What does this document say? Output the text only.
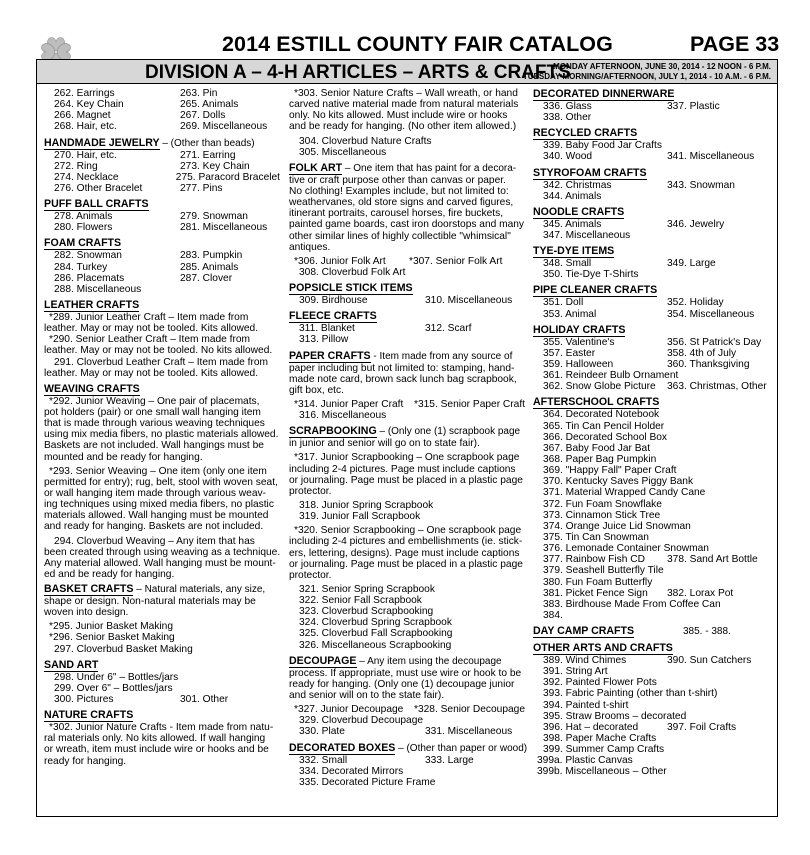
2014 ESTILL COUNTY FAIR CATALOG	PAGE 33
DIVISION A – 4-H ARTICLES – ARTS & CRAFTS
MONDAY AFTERNOON, JUNE 30, 2014 - 12 NOON - 6 P.M.
TUESDAY MORNING/AFTERNOON, JULY 1, 2014 - 10 A.M. - 6 P.M.
262. Earrings	263. Pin
264. Key Chain	265. Animals
266. Magnet	267. Dolls
268. Hair, etc.	269. Miscellaneous
HANDMADE JEWELRY – (Other than beads)
270. Hair, etc.	271. Earring
272. Ring	273. Key Chain
274. Necklace	275. Paracord Bracelet
276. Other Bracelet	277. Pins
PUFF BALL CRAFTS
278. Animals	279. Snowman
280. Flowers	281. Miscellaneous
FOAM CRAFTS
282. Snowman	283. Pumpkin
284. Turkey	285. Animals
286. Placemats	287. Clover
288. Miscellaneous
LEATHER CRAFTS
*289. Junior Leather Craft – Item made from
leather. May or may not be tooled. Kits allowed.
*290. Senior Leather Craft – Item made from
leather. May or may not be tooled. No kits allowed.
291. Cloverbud Leather Craft – Item made from
leather. May or may not be tooled. Kits allowed.
WEAVING CRAFTS
*292. Junior Weaving – One pair of placemats,
pot holders (pair) or one small wall hanging item
that is made through various weaving techniques
using mix media fibers, no plastic materials allowed.
Baskets are not included. Wall hangings must be
mounted and be ready for hanging.
*293. Senior Weaving – One item (only one item
permitted for entry); rug, belt, stool with woven seat,
or wall hanging item made through various weav-
ing techniques using mixed media fibers, no plastic
materials allowed. Wall hanging must be mounted
and ready for hanging. Baskets are not included.
294. Cloverbud Weaving – Any item that has
been created through using weaving as a technique.
Any material allowed. Wall hanging must be mount-
ed and be ready for hanging.
BASKET CRAFTS – Natural materials, any size,
shape or design. Non-natural materials may be
woven into design.
*295. Junior Basket Making
*296. Senior Basket Making
297. Cloverbud Basket Making
SAND ART
298. Under 6" – Bottles/jars
299. Over 6" – Bottles/jars
300. Pictures	301. Other
NATURE CRAFTS
*302. Junior Nature Crafts - Item made from natu-
ral materials only. No kits allowed. If wall hanging
or wreath, item must include wire or hooks and be
ready for hanging.
*303. Senior Nature Crafts – Wall wreath, or hand
carved native material made from natural materials
only. No kits allowed. Must include wire or hooks
and be ready for hanging. (No other item allowed.)
304. Cloverbud Nature Crafts
305. Miscellaneous
FOLK ART – One item that has paint for a decora-
tive or craft purpose other than canvas or paper.
No clothing! Examples include, but not limited to:
weathervanes, old store signs and carved figures,
itinerant portraits, carousel horses, fire buckets,
painted game boards, cast iron doorstops and many
other similar lines of highly collectible "whimsical"
antiques.
*306. Junior Folk Art	*307. Senior Folk Art
308. Cloverbud Folk Art
POPSICLE STICK ITEMS
309. Birdhouse	310. Miscellaneous
FLEECE CRAFTS
311. Blanket	312. Scarf
313. Pillow
PAPER CRAFTS - Item made from any source of
paper including but not limited to: stamping, hand-
made note card, brown sack lunch bag scrapbook,
gift box, etc.
*314. Junior Paper Craft	*315. Senior Paper Craft
316. Miscellaneous
SCRAPBOOKING – (Only one (1) scrapbook page
in junior and senior will go on to state fair).
*317. Junior Scrapbooking – One scrapbook page
including 2-4 pictures. Page must include captions
or journaling. Page must be placed in a plastic page
protector.
318. Junior Spring Scrapbook
319. Junior Fall Scrapbook
*320. Senior Scrapbooking – One scrapbook page
including 2-4 pictures and embellishments (ie. stick-
ers, lettering, designs). Page must include captions
or journaling. Page must be placed in a plastic page
protector.
321. Senior Spring Scrapbook
322. Senior Fall Scrapbook
323. Cloverbud Scrapbooking
324. Cloverbud Spring Scrapbook
325. Cloverbud Fall Scrapbooking
326. Miscellaneous Scrapbooking
DECOUPAGE – Any item using the decoupage
process. If appropriate, must use wire or hook to be
ready for hanging. (Only one (1) decoupage junior
and senior will on to the state fair).
*327. Junior Decoupage	*328. Senior Decoupage
329. Cloverbud Decoupage
330. Plate	331. Miscellaneous
DECORATED BOXES – (Other than paper or wood)
332. Small	333. Large
334. Decorated Mirrors
335. Decorated Picture Frame
DECORATED DINNERWARE
336. Glass	337. Plastic
338. Other
RECYCLED CRAFTS
339. Baby Food Jar Crafts
340. Wood	341. Miscellaneous
STYROFOAM CRAFTS
342. Christmas	343. Snowman
344. Animals
NOODLE CRAFTS
345. Animals	346. Jewelry
347. Miscellaneous
TYE-DYE ITEMS
348. Small	349. Large
350. Tie-Dye T-Shirts
PIPE CLEANER CRAFTS
351. Doll	352. Holiday
353. Animal	354. Miscellaneous
HOLIDAY CRAFTS
355. Valentine's	356. St Patrick's Day
357. Easter	358. 4th of July
359. Halloween	360. Thanksgiving
361. Reindeer Bulb Ornament
362. Snow Globe Picture	363. Christmas, Other
AFTERSCHOOL CRAFTS
364. Decorated Notebook
365. Tin Can Pencil Holder
366. Decorated School Box
367. Baby Food Jar Bat
368. Paper Bag Pumpkin
369. "Happy Fall" Paper Craft
370. Kentucky Saves Piggy Bank
371. Material Wrapped Candy Cane
372. Fun Foam Snowflake
373. Cinnamon Stick Tree
374. Orange Juice Lid Snowman
375. Tin Can Snowman
376. Lemonade Container Snowman
377. Rainbow Fish CD	378. Sand Art Bottle
379. Seashell Butterfly Tile
380. Fun Foam Butterfly
381. Picket Fence Sign	382. Lorax Pot
383. Birdhouse Made From Coffee Can
384.
DAY CAMP CRAFTS	385. - 388.
OTHER ARTS AND CRAFTS
389. Wind Chimes	390. Sun Catchers
391. String Art
392. Painted Flower Pots
393. Fabric Painting (other than t-shirt)
394. Painted t-shirt
395. Straw Brooms – decorated
396. Hat – decorated	397. Foil Crafts
398. Paper Mache Crafts
399. Summer Camp Crafts
399a. Plastic Canvas
399b. Miscellaneous – Other
